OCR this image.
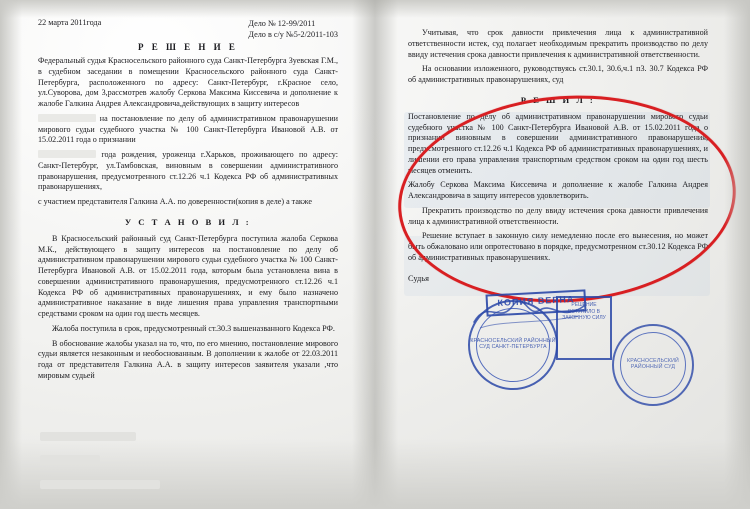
22 марта 2011года	Дело № 12-99/2011
Дело в с/у №5-2/2011-103
Р Е Ш Е Н И Е

Федеральный судья Красносельского районного суда Санкт-Петербурга Зуевская Г.М., в судебном заседании в помещении Красносельского районного суда Санкт-Петербурга, расположенного по адресу: Санкт-Петербург, г.Красное село, ул.Суворова, дом 3,рассмотрев жалобу Серкова Максима Киссевича и дополнение к жалобе Галкина Андрея Александровича,действующих в защиту интересов

на постановление по делу об административном правонарушении мирового судьи судебного участка № 100 Санкт-Петербурга Ивановой А.В. от 15.02.2011 года о признании

года рождения, уроженца г.Харьков, проживающего по адресу: Санкт-Петербург, ул.Тамбовская, виновным в совершении административного правонарушения, предусмотренного ст.12.26 ч.1 Кодекса РФ об административных правонарушениях,

с участием представителя Галкина А.А. по доверенности(копия в деле) а также

У С Т А Н О В И Л :

В Красносельский районный суд Санкт-Петербурга поступила жалоба Серкова М.К., действующего в защиту интересов на постановление по делу об административном правонарушении мирового судьи судебного участка № 100 Санкт-Петербурга Ивановой А.В. от 15.02.2011 года, которым была установлена вина в совершении административного правонарушения, предусмотренного ст.12.26 ч.1 Кодекса РФ об административных правонарушениях, и ему было назначено административное наказание в виде лишения права управления транспортными средствами сроком на один год шесть месяцев.

Жалоба поступила в срок, предусмотренный ст.30.3 вышеназванного Кодекса РФ.

В обоснование жалобы указал на то, что, по его мнению, постановление мирового судьи является незаконным и необоснованным. В дополнении к жалобе от 22.03.2011 года от представителя Галкина А.А. в защиту интересов заявителя указали ,что мировым судьей

Учитывая, что срок давности привлечения лица к административной ответственности истек, суд полагает необходимым прекратить производство по делу ввиду истечения срока давности привлечения к административной ответственности.

На основании изложенного, руководствуясь ст.30.1, 30.6,ч.1 п3. 30.7 Кодекса РФ об административных правонарушениях, суд

Р Е Ш И Л :

Постановление по делу об административном правонарушении мирового судьи судебного участка № 100 Санкт-Петербурга Ивановой А.В. от 15.02.2011 года о признании виновным в совершении административного правонарушения, предусмотренного ст.12.26 ч.1 Кодекса РФ об административных правонарушениях, и лишении его права управления транспортным средством сроком на один год шесть месяцев отменить.

Жалобу Серкова Максима Киссевича и дополнение к жалобе Галкина Андрея Александровича в защиту интересов удовлетворить.

Прекратить производство по делу ввиду истечения срока давности привлечения лица к административной ответственности.

Решение вступает в законную силу немедленно после его вынесения, но может быть обжаловано или опротестовано в порядке, предусмотренном ст.30.12 Кодекса РФ об административных правонарушениях.

Судья
КОПИЯ ВЕРНА
КРАСНОСЕЛЬСКИЙ РАЙОННЫЙ СУД САНКТ-ПЕТЕРБУРГА
РЕШЕНИЕ ВСТУПИЛО В ЗАКОННУЮ СИЛУ
КРАСНОСЕЛЬСКИЙ РАЙОННЫЙ СУД
